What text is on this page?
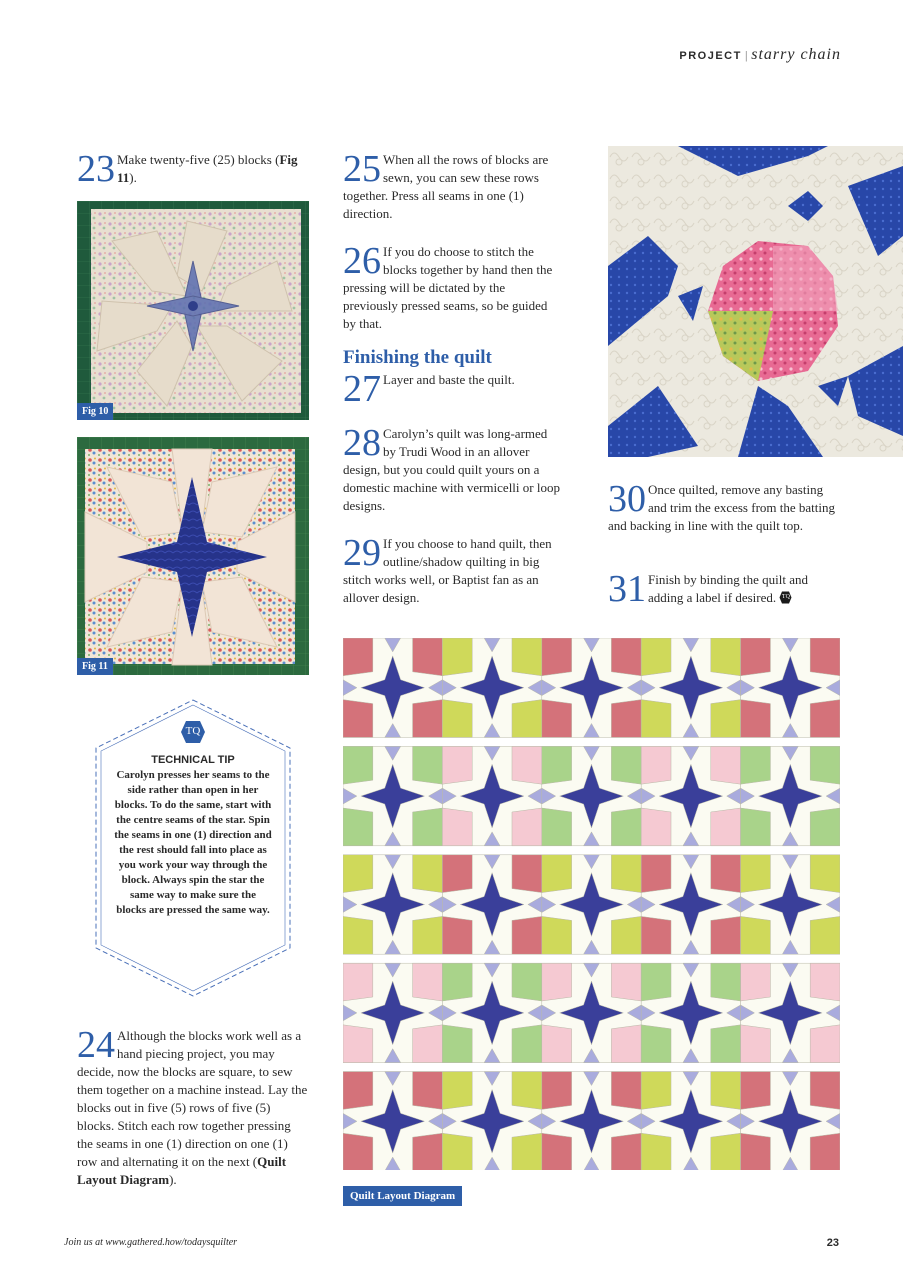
PROJECT | starry chain
23 Make twenty-five (25) blocks (Fig 11).
Fig 10
Fig 11
TQ
TECHNICAL TIP
Carolyn presses her seams to the side rather than open in her blocks. To do the same, start with the centre seams of the star. Spin the seams in one (1) direction and the rest should fall into place as you work your way through the block. Always spin the star the same way to make sure the blocks are pressed the same way.
24 Although the blocks work well as a hand piecing project, you may decide, now the blocks are square, to sew them together on a machine instead. Lay the blocks out in five (5) rows of five (5) blocks. Stitch each row together pressing the seams in one (1) direction on one (1) row and alternating it on the next (Quilt Layout Diagram).
25 When all the rows of blocks are sewn, you can sew these rows together. Press all seams in one (1) direction.
26 If you do choose to stitch the blocks together by hand then the pressing will be dictated by the previously pressed seams, so be guided by that.
Finishing the quilt
27 Layer and baste the quilt.
28 Carolyn’s quilt was long-armed by Trudi Wood in an allover design, but you could quilt yours on a domestic machine with vermicelli or loop designs.
29 If you choose to hand quilt, then outline/shadow quilting in big stitch works well, or Baptist fan as an allover design.
30 Once quilted, remove any basting and trim the excess from the batting and backing in line with the quilt top.
31 Finish by binding the quilt and adding a label if desired. TQ
Quilt Layout Diagram
Join us at www.gathered.how/todaysquilter	23
